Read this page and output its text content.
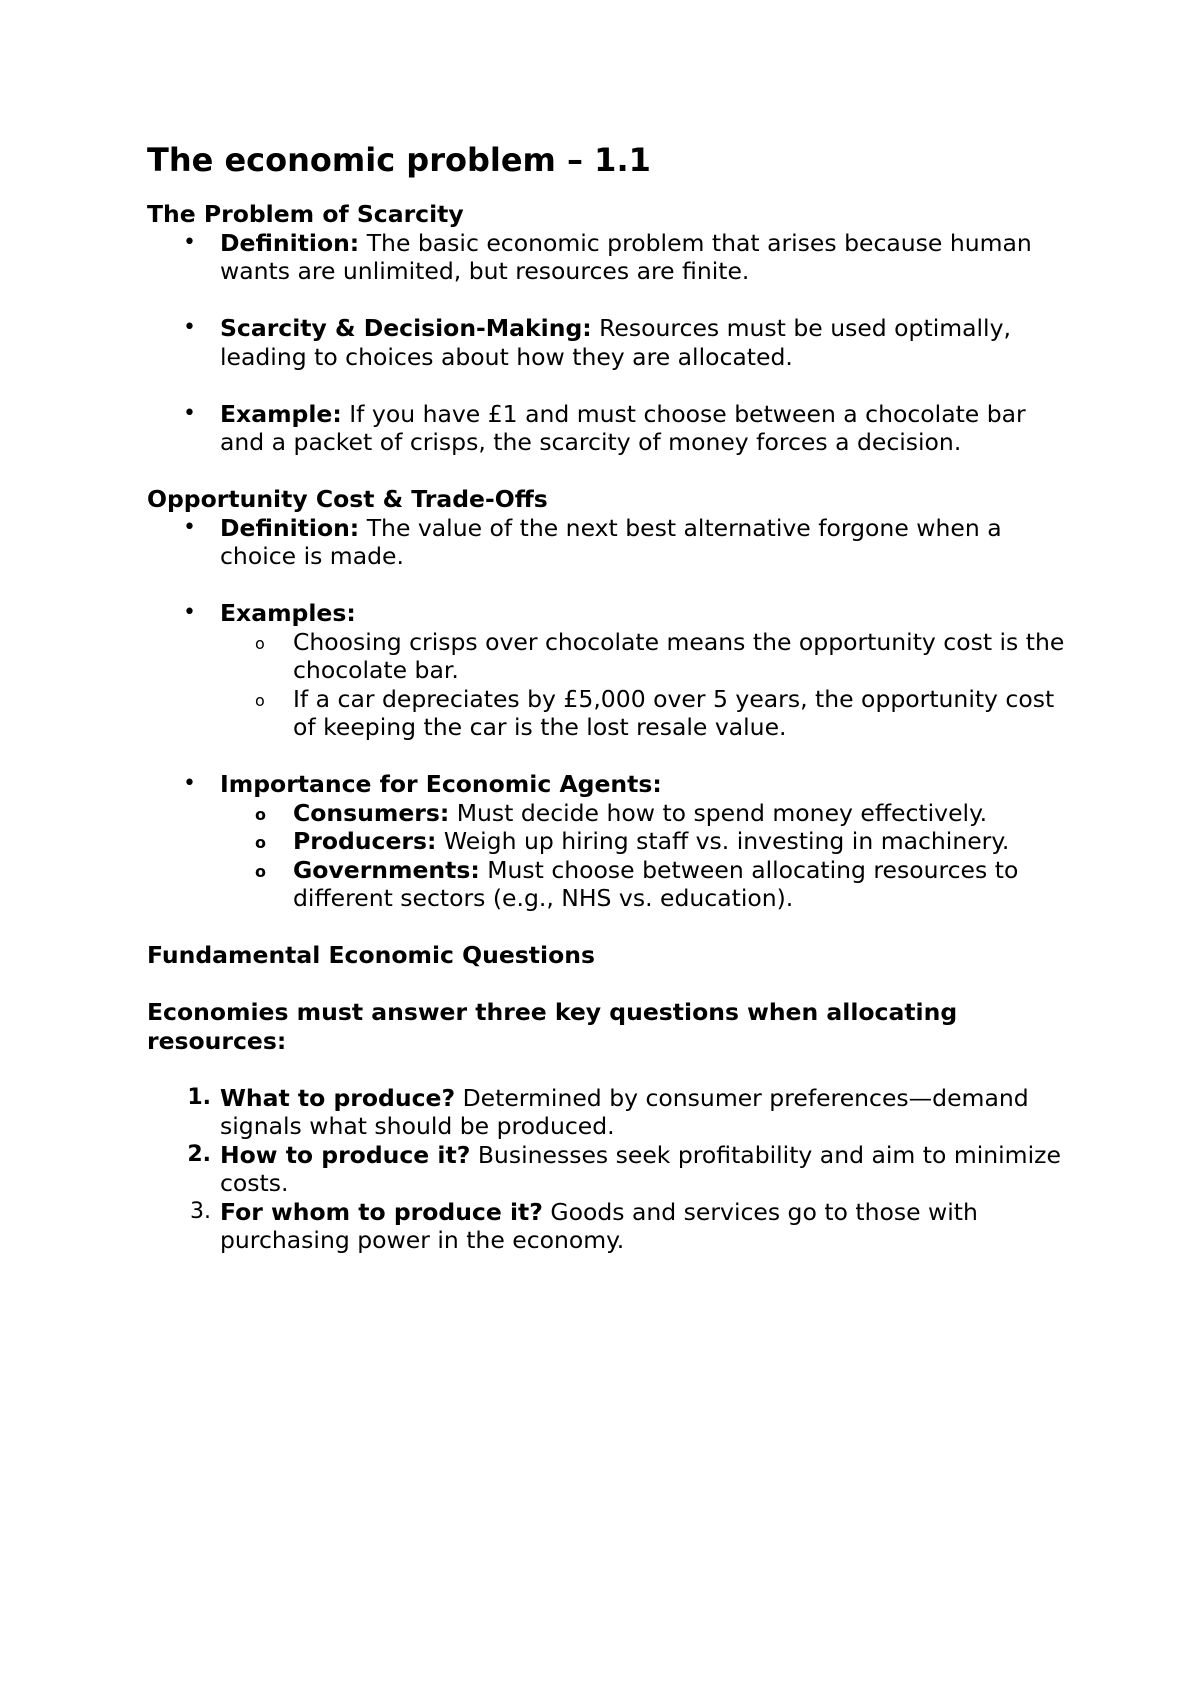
The economic problem – 1.1
The Problem of Scarcity
•	Definition: The basic economic problem that arises because human wants are unlimited, but resources are finite.
•	Scarcity & Decision-Making: Resources must be used optimally, leading to choices about how they are allocated.
•	Example: If you have £1 and must choose between a chocolate bar and a packet of crisps, the scarcity of money forces a decision.
Opportunity Cost & Trade-Offs
•	Definition: The value of the next best alternative forgone when a choice is made.
•	Examples:
o	Choosing crisps over chocolate means the opportunity cost is the chocolate bar.
o	If a car depreciates by £5,000 over 5 years, the opportunity cost of keeping the car is the lost resale value.
•	Importance for Economic Agents:
o	Consumers: Must decide how to spend money effectively.
o	Producers: Weigh up hiring staff vs. investing in machinery.
o	Governments: Must choose between allocating resources to different sectors (e.g., NHS vs. education).
Fundamental Economic Questions
Economies must answer three key questions when allocating resources:
1. What to produce? Determined by consumer preferences—demand signals what should be produced.
2. How to produce it? Businesses seek profitability and aim to minimize costs.
3. For whom to produce it? Goods and services go to those with purchasing power in the economy.
